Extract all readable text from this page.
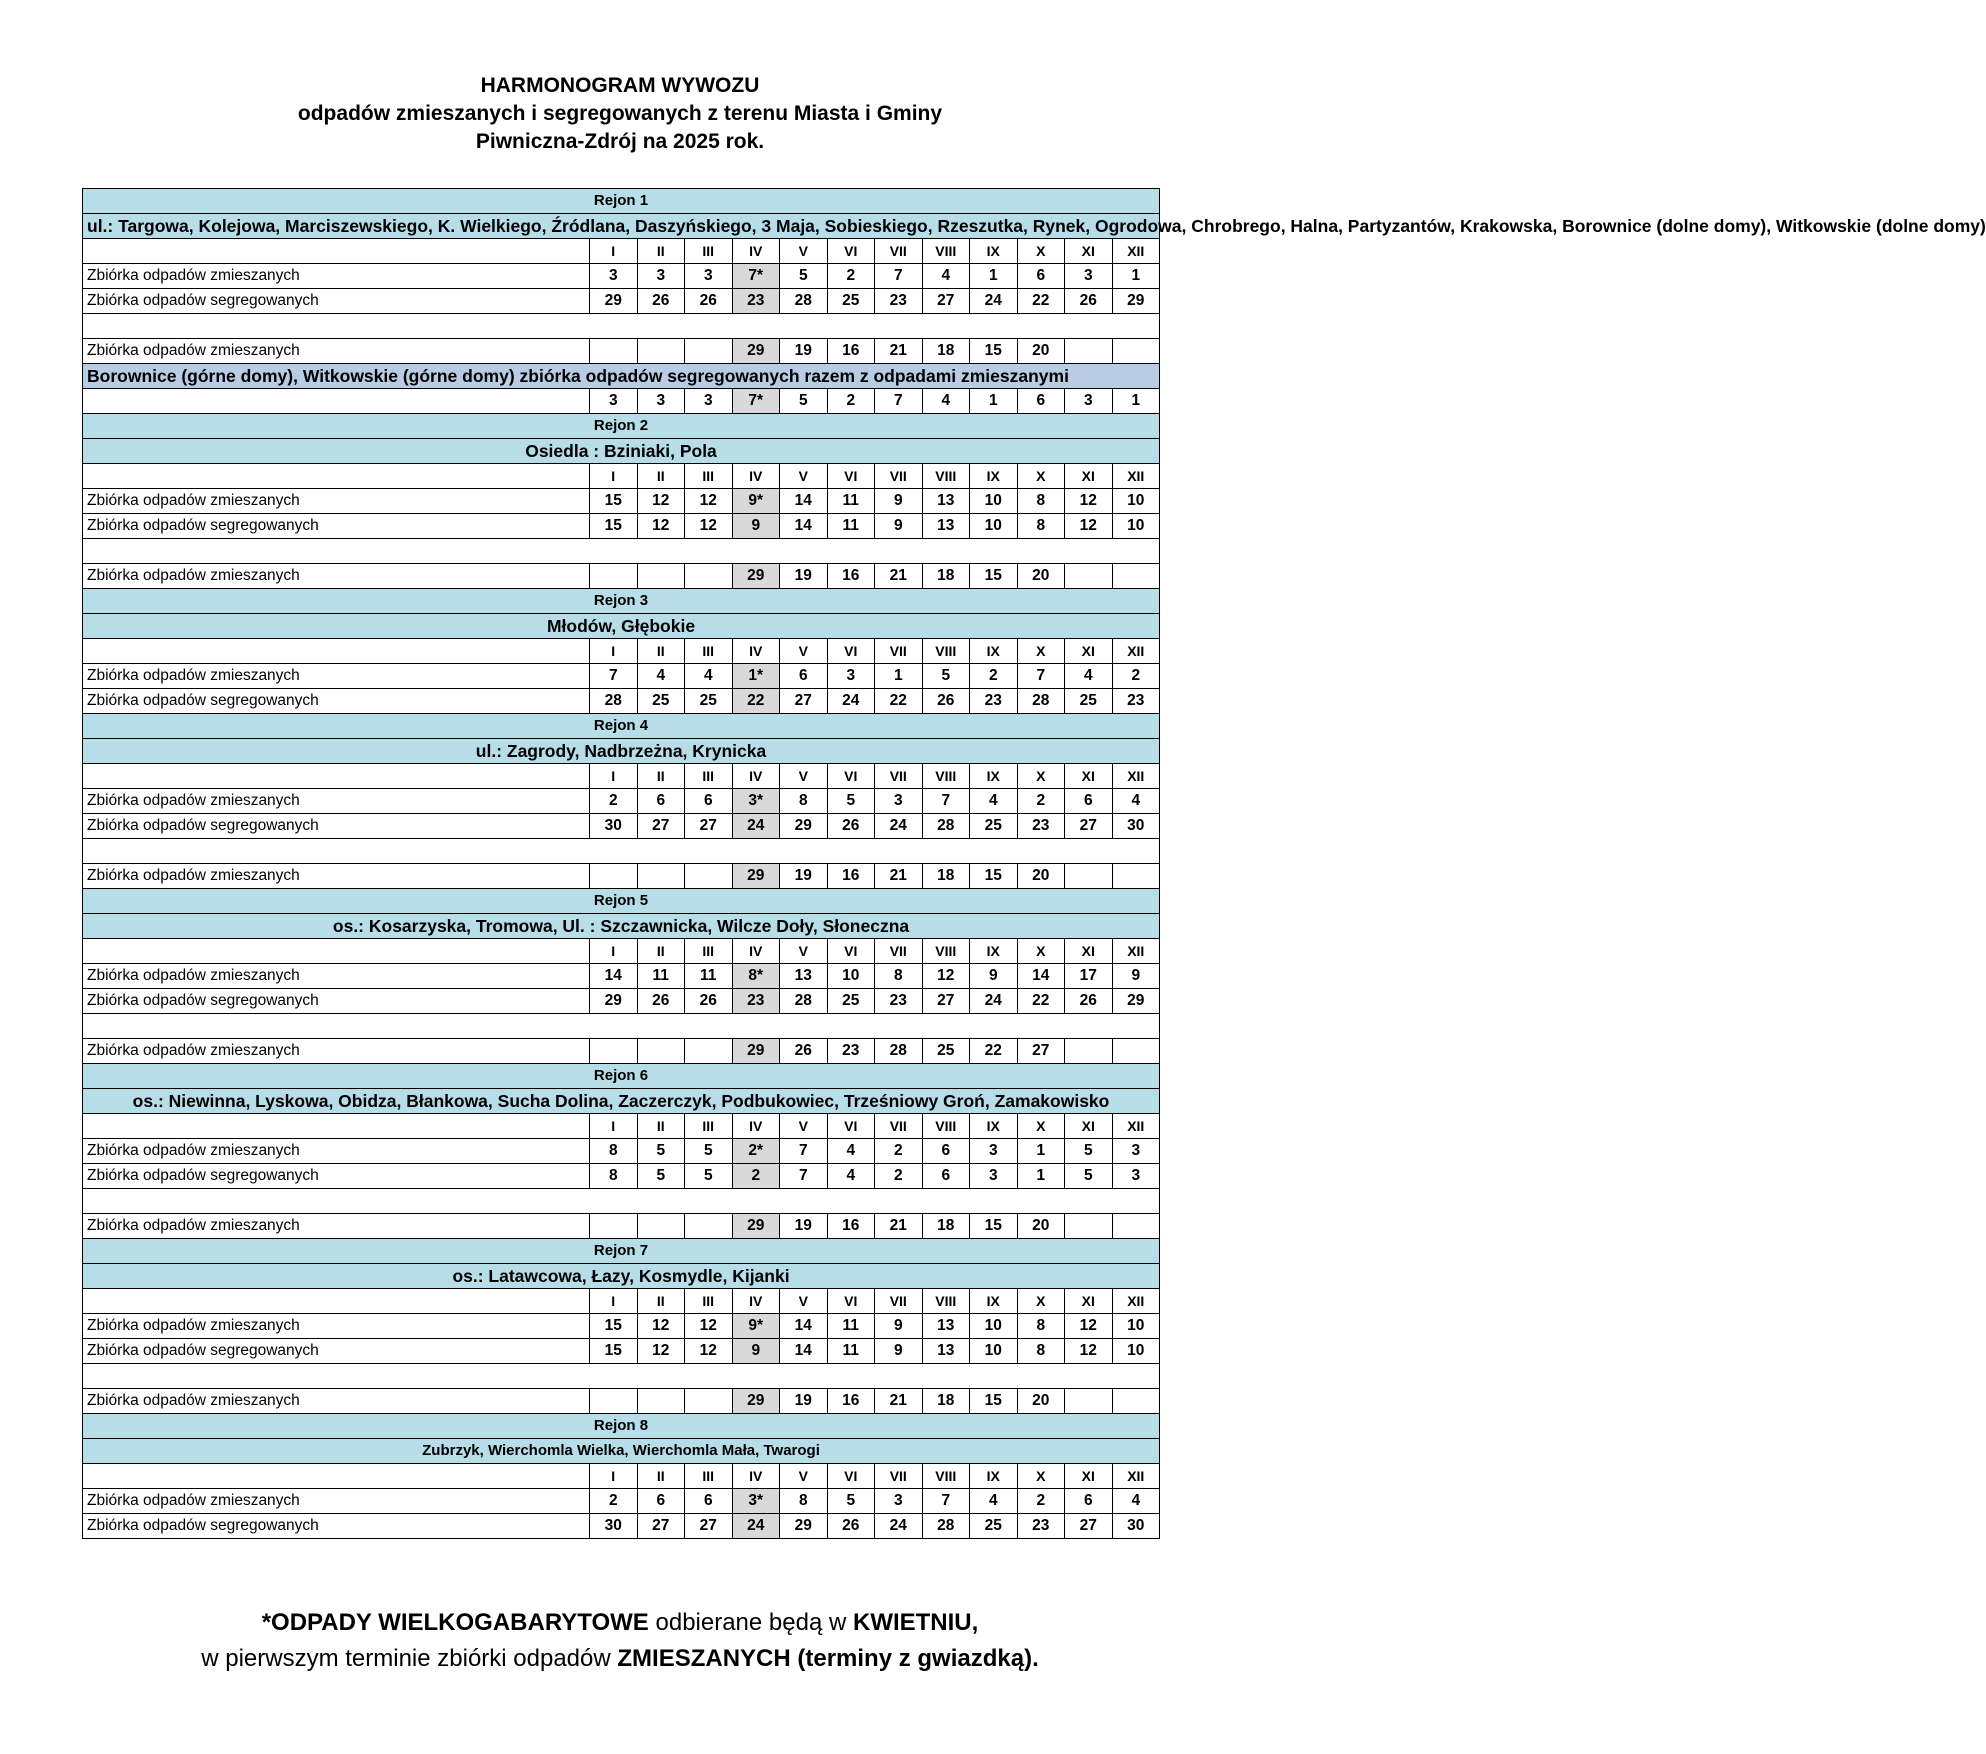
HARMONOGRAM WYWOZU
odpadów zmieszanych i segregowanych z terenu Miasta i Gminy
Piwniczna-Zdrój na 2025 rok.
Rejon 1												
ul.: Targowa, Kolejowa, Marciszewskiego, K. Wielkiego, Źródlana, Daszyńskiego, 3 Maja, Sobieskiego, Rzeszutka, Rynek, Ogrodowa, Chrobrego, Halna, Partyzantów, Krakowska, Borownice (dolne domy), Witkowskie (dolne domy)												
	I	II	III	IV	V	VI	VII	VIII	IX	X	XI	XII
Zbiórka odpadów zmieszanych	3	3	3	7*	5	2	7	4	1	6	3	1
Zbiórka odpadów segregowanych	29	26	26	23	28	25	23	27	24	22	26	29

Zbiórka odpadów zmieszanych				29	19	16	21	18	15	20		
Borownice (górne domy), Witkowskie (górne domy) zbiórka odpadów segregowanych razem z odpadami zmieszanymi												
	3	3	3	7*	5	2	7	4	1	6	3	1
Rejon 2												
Osiedla : Bziniaki, Pola												
	I	II	III	IV	V	VI	VII	VIII	IX	X	XI	XII
Zbiórka odpadów zmieszanych	15	12	12	9*	14	11	9	13	10	8	12	10
Zbiórka odpadów segregowanych	15	12	12	9	14	11	9	13	10	8	12	10

Zbiórka odpadów zmieszanych				29	19	16	21	18	15	20		
Rejon 3												
Młodów, Głębokie												
	I	II	III	IV	V	VI	VII	VIII	IX	X	XI	XII
Zbiórka odpadów zmieszanych	7	4	4	1*	6	3	1	5	2	7	4	2
Zbiórka odpadów segregowanych	28	25	25	22	27	24	22	26	23	28	25	23
Rejon 4												
ul.: Zagrody, Nadbrzeżna, Krynicka												
	I	II	III	IV	V	VI	VII	VIII	IX	X	XI	XII
Zbiórka odpadów zmieszanych	2	6	6	3*	8	5	3	7	4	2	6	4
Zbiórka odpadów segregowanych	30	27	27	24	29	26	24	28	25	23	27	30

Zbiórka odpadów zmieszanych				29	19	16	21	18	15	20		
Rejon 5												
os.: Kosarzyska, Tromowa, Ul. : Szczawnicka, Wilcze Doły, Słoneczna												
	I	II	III	IV	V	VI	VII	VIII	IX	X	XI	XII
Zbiórka odpadów zmieszanych	14	11	11	8*	13	10	8	12	9	14	17	9
Zbiórka odpadów segregowanych	29	26	26	23	28	25	23	27	24	22	26	29

Zbiórka odpadów zmieszanych				29	26	23	28	25	22	27		
Rejon 6												
os.: Niewinna, Lyskowa, Obidza, Błankowa, Sucha Dolina, Zaczerczyk, Podbukowiec, Trześniowy Groń, Zamakowisko												
	I	II	III	IV	V	VI	VII	VIII	IX	X	XI	XII
Zbiórka odpadów zmieszanych	8	5	5	2*	7	4	2	6	3	1	5	3
Zbiórka odpadów segregowanych	8	5	5	2	7	4	2	6	3	1	5	3

Zbiórka odpadów zmieszanych				29	19	16	21	18	15	20		
Rejon 7												
os.: Latawcowa, Łazy, Kosmydle, Kijanki												
	I	II	III	IV	V	VI	VII	VIII	IX	X	XI	XII
Zbiórka odpadów zmieszanych	15	12	12	9*	14	11	9	13	10	8	12	10
Zbiórka odpadów segregowanych	15	12	12	9	14	11	9	13	10	8	12	10

Zbiórka odpadów zmieszanych				29	19	16	21	18	15	20		
Rejon 8												
Zubrzyk, Wierchomla Wielka, Wierchomla Mała, Twarogi												
	I	II	III	IV	V	VI	VII	VIII	IX	X	XI	XII
Zbiórka odpadów zmieszanych	2	6	6	3*	8	5	3	7	4	2	6	4
Zbiórka odpadów segregowanych	30	27	27	24	29	26	24	28	25	23	27	30
*ODPADY WIELKOGABARYTOWE odbierane będą w KWIETNIU,
w pierwszym terminie zbiórki odpadów ZMIESZANYCH (terminy z gwiazdką).
